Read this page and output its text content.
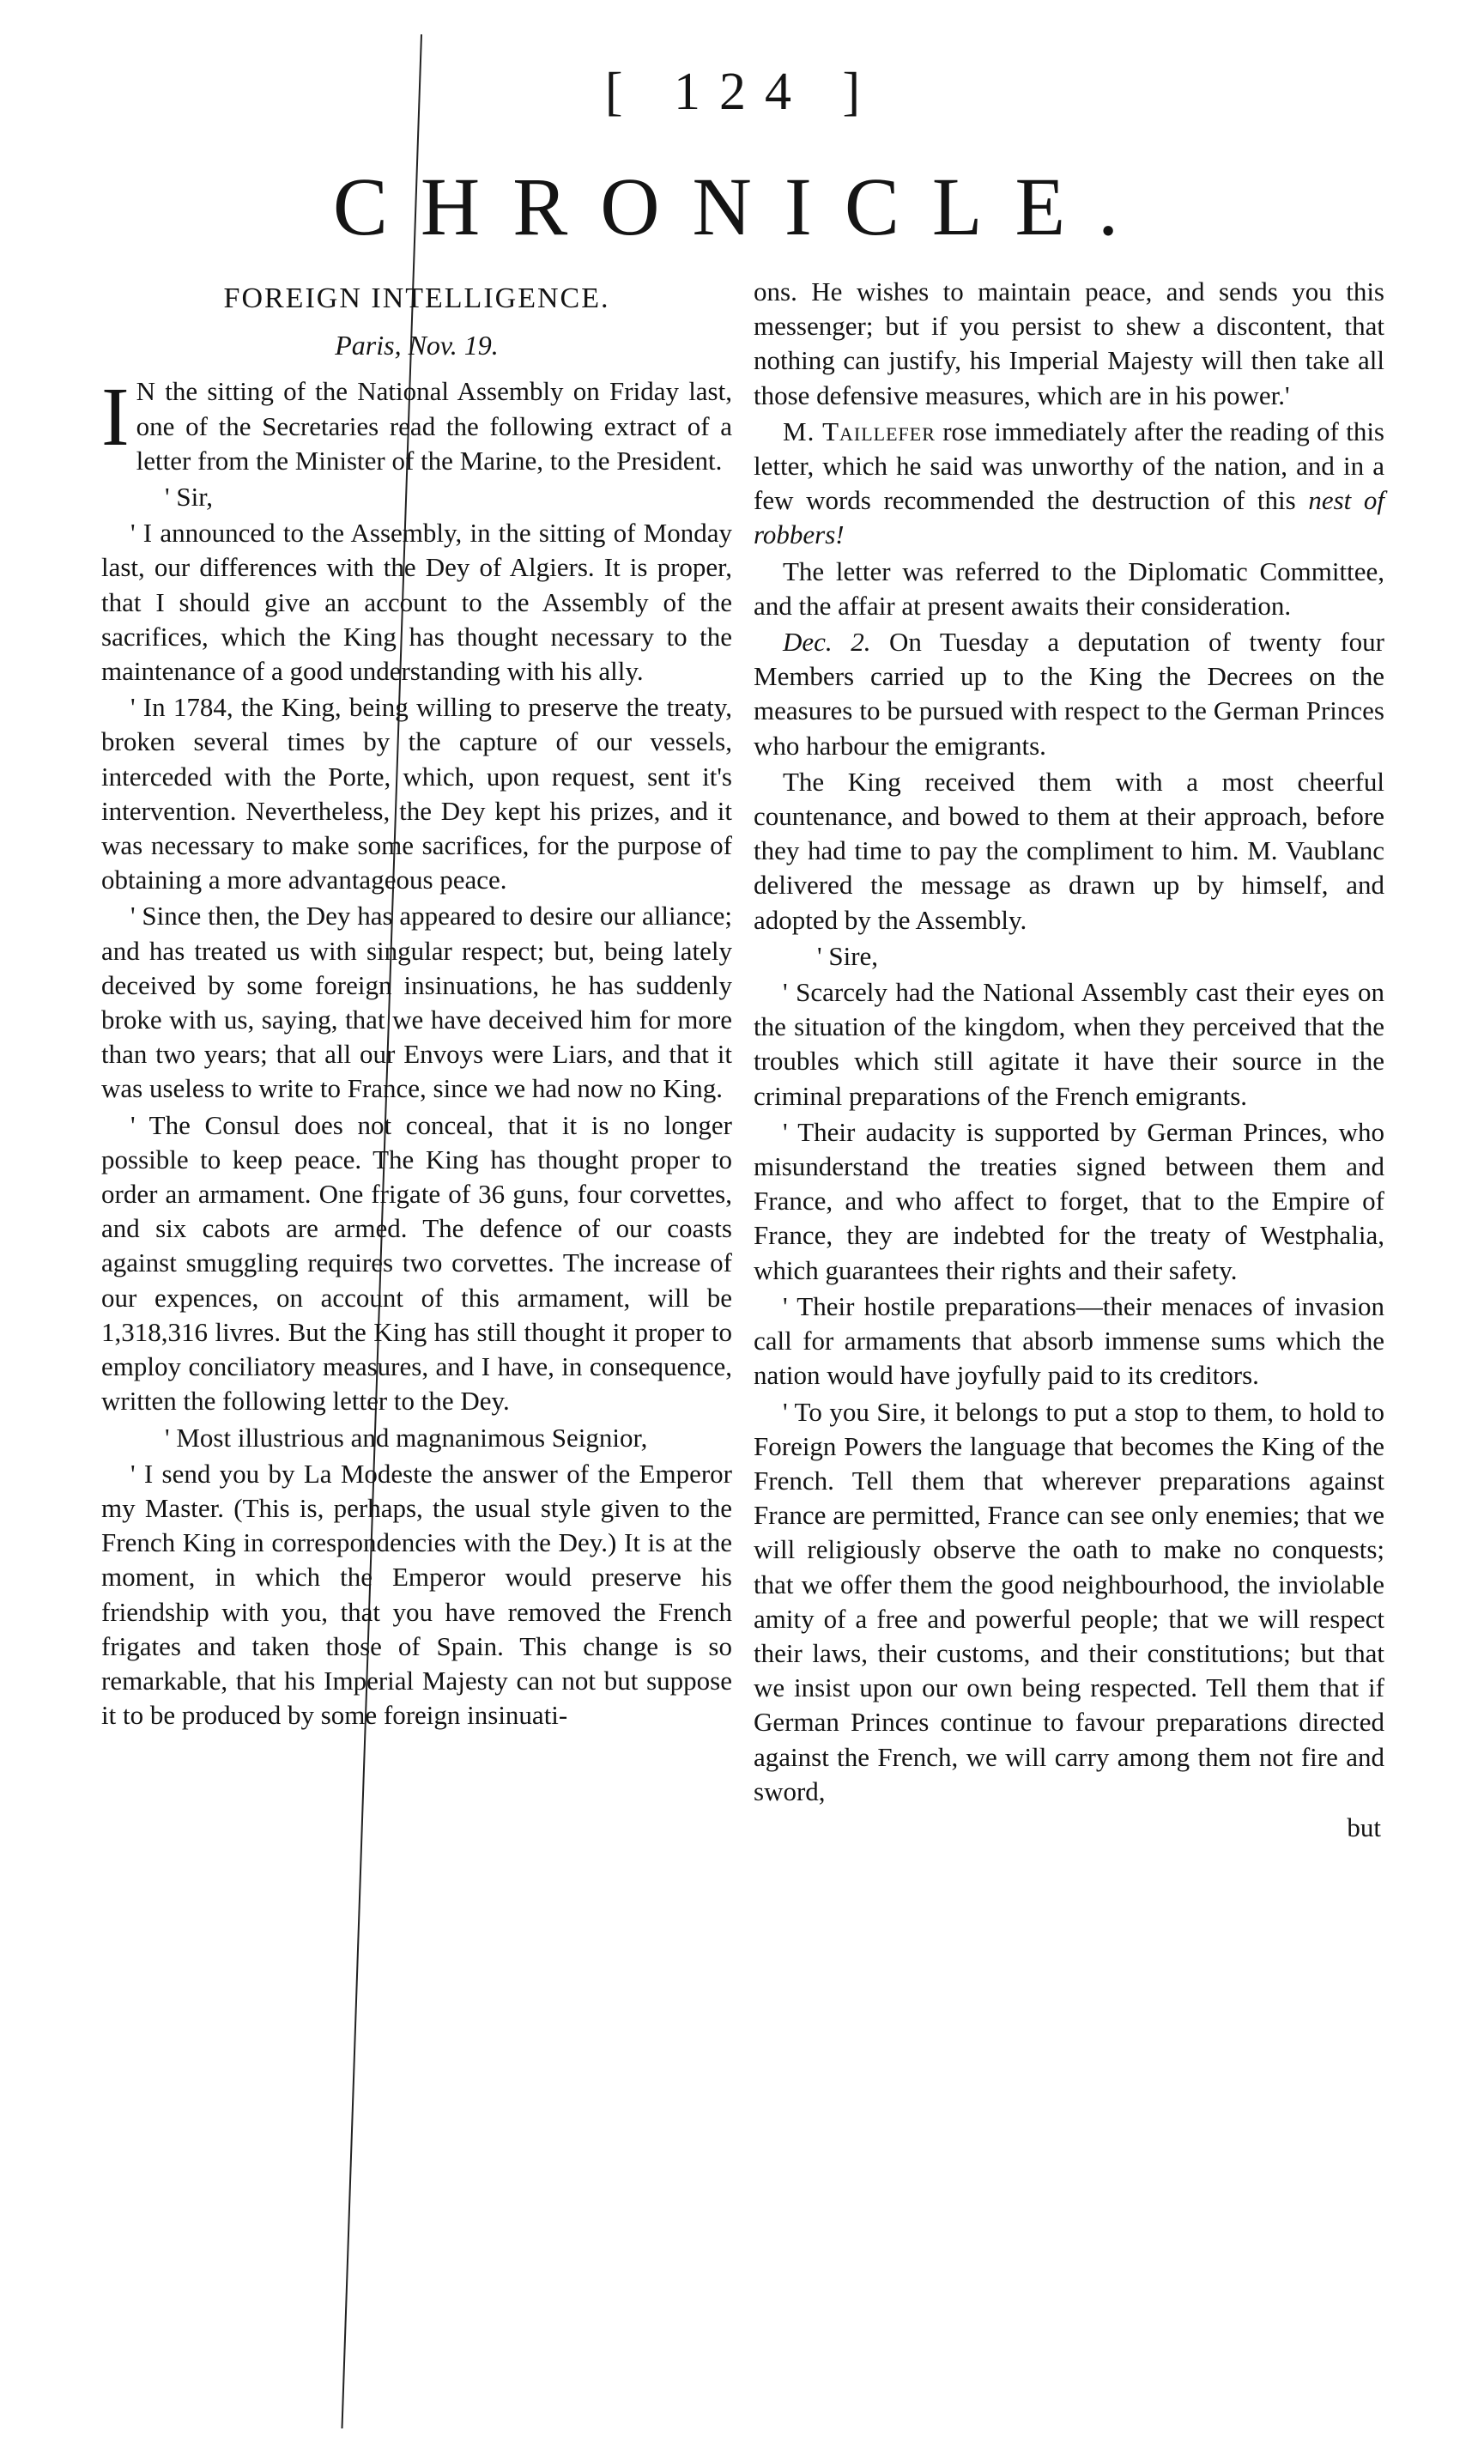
[ 124 ]
CHRONICLE.
FOREIGN INTELLIGENCE.
Paris, Nov. 19.

I N the sitting of the National Assembly on Friday last, one of the Secretaries read the following extract of a letter from the Minister of the Marine, to the President.

' Sir,

' I announced to the Assembly, in the sitting of Monday last, our differences with the Dey of Algiers. It is proper, that I should give an account to the Assembly of the sacrifices, which the King has thought necessary to the maintenance of a good understanding with his ally.

' In 1784, the King, being willing to preserve the treaty, broken several times by the capture of our vessels, interceded with the Porte, which, upon request, sent it's intervention. Nevertheless, the Dey kept his prizes, and it was necessary to make some sacrifices, for the purpose of obtaining a more advantageous peace.

' Since then, the Dey has appeared to desire our alliance; and has treated us with singular respect; but, being lately deceived by some foreign insinuations, he has suddenly broke with us, saying, that we have deceived him for more than two years; that all our Envoys were Liars, and that it was useless to write to France, since we had now no King.

' The Consul does not conceal, that it is no longer possible to keep peace. The King has thought proper to order an armament. One frigate of 36 guns, four corvettes, and six cabots are armed. The defence of our coasts against smuggling requires two corvettes. The increase of our expences, on account of this armament, will be 1,318,316 livres. But the King has still thought it proper to employ conciliatory measures, and I have, in consequence, written the following letter to the Dey.

' Most illustrious and magnanimous Seignior,

' I send you by La Modeste the answer of the Emperor my Master. (This is, perhaps, the usual style given to the French King in correspondencies with the Dey.) It is at the moment, in which the Emperor would preserve his friendship with you, that you have removed the French frigates and taken those of Spain. This change is so remarkable, that his Imperial Majesty can not but suppose it to be produced by some foreign insinuati-

ons. He wishes to maintain peace, and sends you this messenger; but if you persist to shew a discontent, that nothing can justify, his Imperial Majesty will then take all those defensive measures, which are in his power.'

M. Taillefer rose immediately after the reading of this letter, which he said was unworthy of the nation, and in a few words recommended the destruction of this nest of robbers!

The letter was referred to the Diplomatic Committee, and the affair at present awaits their consideration.

Dec. 2. On Tuesday a deputation of twenty four Members carried up to the King the Decrees on the measures to be pursued with respect to the German Princes who harbour the emigrants.

The King received them with a most cheerful countenance, and bowed to them at their approach, before they had time to pay the compliment to him. M. Vaublanc delivered the message as drawn up by himself, and adopted by the Assembly.

' Sire,

' Scarcely had the National Assembly cast their eyes on the situation of the kingdom, when they perceived that the troubles which still agitate it have their source in the criminal preparations of the French emigrants.

' Their audacity is supported by German Princes, who misunderstand the treaties signed between them and France, and who affect to forget, that to the Empire of France, they are indebted for the treaty of Westphalia, which guarantees their rights and their safety.

' Their hostile preparations—their menaces of invasion call for armaments that absorb immense sums which the nation would have joyfully paid to its creditors.

' To you Sire, it belongs to put a stop to them, to hold to Foreign Powers the language that becomes the King of the French. Tell them that wherever preparations against France are permitted, France can see only enemies; that we will religiously observe the oath to make no conquests; that we offer them the good neighbourhood, the inviolable amity of a free and powerful people; that we will respect their laws, their customs, and their constitutions; but that we insist upon our own being respected. Tell them that if German Princes continue to favour preparations directed against the French, we will carry among them not fire and sword,

but
